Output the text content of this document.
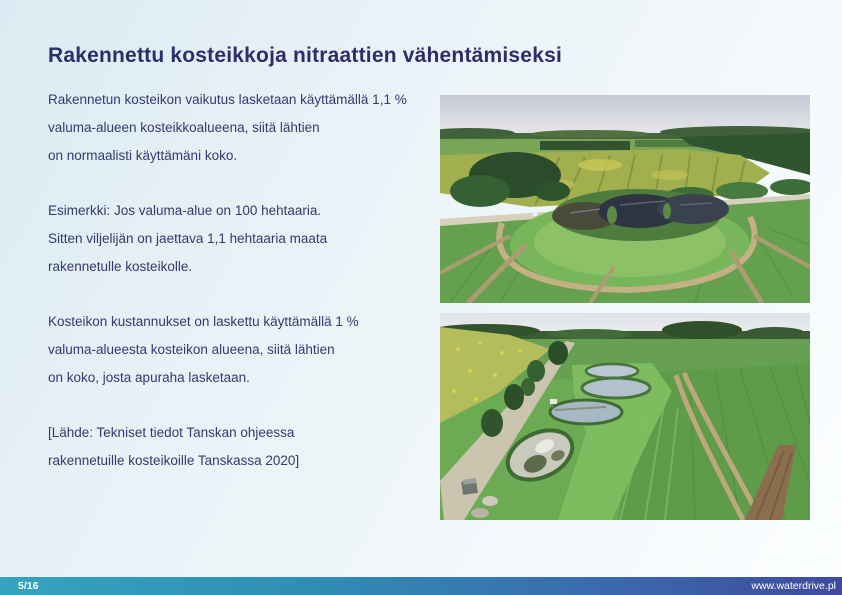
Rakennettu kosteikkoja nitraattien vähentämiseksi

Rakennetun kosteikon vaikutus lasketaan käyttämällä 1,1 %
valuma-alueen kosteikkoalueena, siitä lähtien
on normaalisti käyttämäni koko.

Esimerkki: Jos valuma-alue on 100 hehtaaria.
Sitten viljelijän on jaettava 1,1 hehtaaria maata
rakennetulle kosteikolle.

Kosteikon kustannukset on laskettu käyttämällä 1 %
valuma-alueesta kosteikon alueena, siitä lähtien
on koko, josta apuraha lasketaan.

[Lähde: Tekniset tiedot Tanskan ohjeessa
rakennetuille kosteikoille Tanskassa 2020]

5/16	www.waterdrive.pl
